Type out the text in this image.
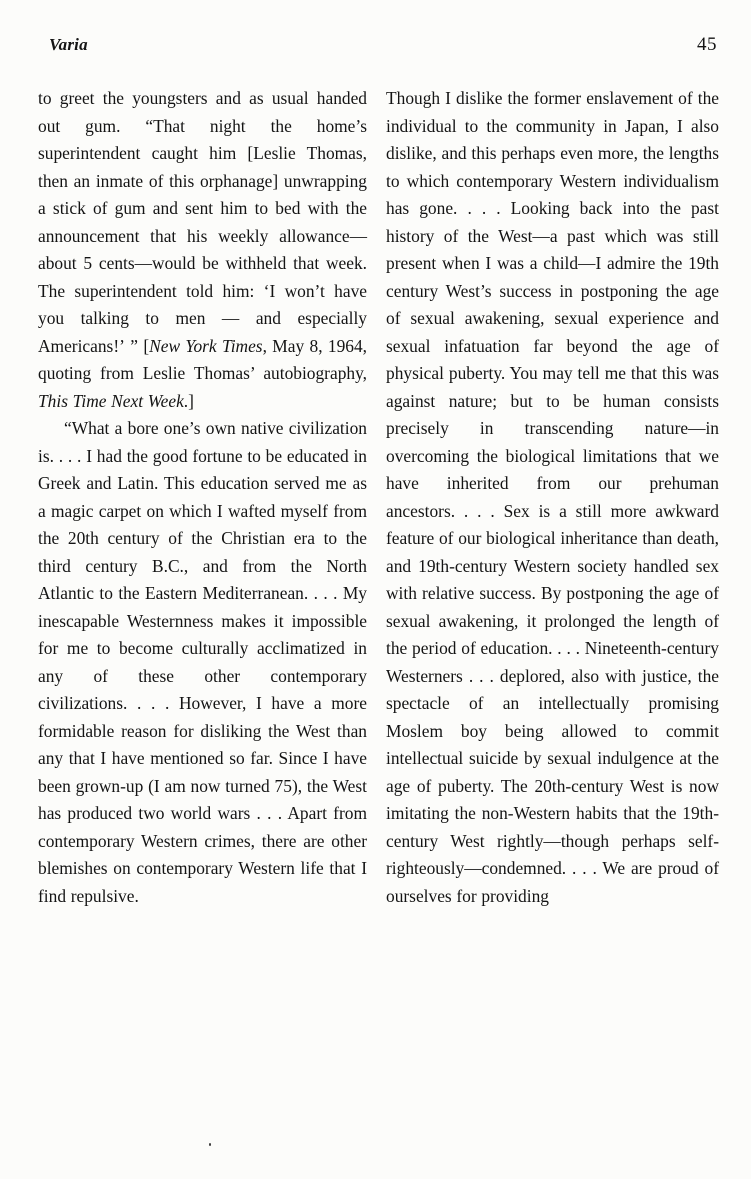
Varia	45

to greet the youngsters and as usual handed out gum. “That night the home’s superintendent caught him [Leslie Thomas, then an inmate of this orphanage] unwrapping a stick of gum and sent him to bed with the announcement that his weekly allowance—about 5 cents—would be withheld that week. The superintendent told him: ‘I won’t have you talking to men — and especially Americans!’ ” [New York Times, May 8, 1964, quoting from Leslie Thomas’ autobiography, This Time Next Week.]

“What a bore one’s own native civilization is. . . . I had the good fortune to be educated in Greek and Latin. This education served me as a magic carpet on which I wafted myself from the 20th century of the Christian era to the third century B.C., and from the North Atlantic to the Eastern Mediterranean. . . . My inescapable Westernness makes it impossible for me to become culturally acclimatized in any of these other contemporary civilizations. . . . However, I have a more formidable reason for disliking the West than any that I have mentioned so far. Since I have been grown-up (I am now turned 75), the West has produced two world wars . . . Apart from contemporary Western crimes, there are other blemishes on contemporary Western life that I find repulsive.

Though I dislike the former enslavement of the individual to the community in Japan, I also dislike, and this perhaps even more, the lengths to which contemporary Western individualism has gone. . . . Looking back into the past history of the West—a past which was still present when I was a child—I admire the 19th century West’s success in postponing the age of sexual awakening, sexual experience and sexual infatuation far beyond the age of physical puberty. You may tell me that this was against nature; but to be human consists precisely in transcending nature—in overcoming the biological limitations that we have inherited from our prehuman ancestors. . . . Sex is a still more awkward feature of our biological inheritance than death, and 19th-century Western society handled sex with relative success. By postponing the age of sexual awakening, it prolonged the length of the period of education. . . . Nineteenth-century Westerners . . . deplored, also with justice, the spectacle of an intellectually promising Moslem boy being allowed to commit intellectual suicide by sexual indulgence at the age of puberty. The 20th-century West is now imitating the non-Western habits that the 19th-century West rightly—though perhaps self-righteously—condemned. . . . We are proud of ourselves for providing
